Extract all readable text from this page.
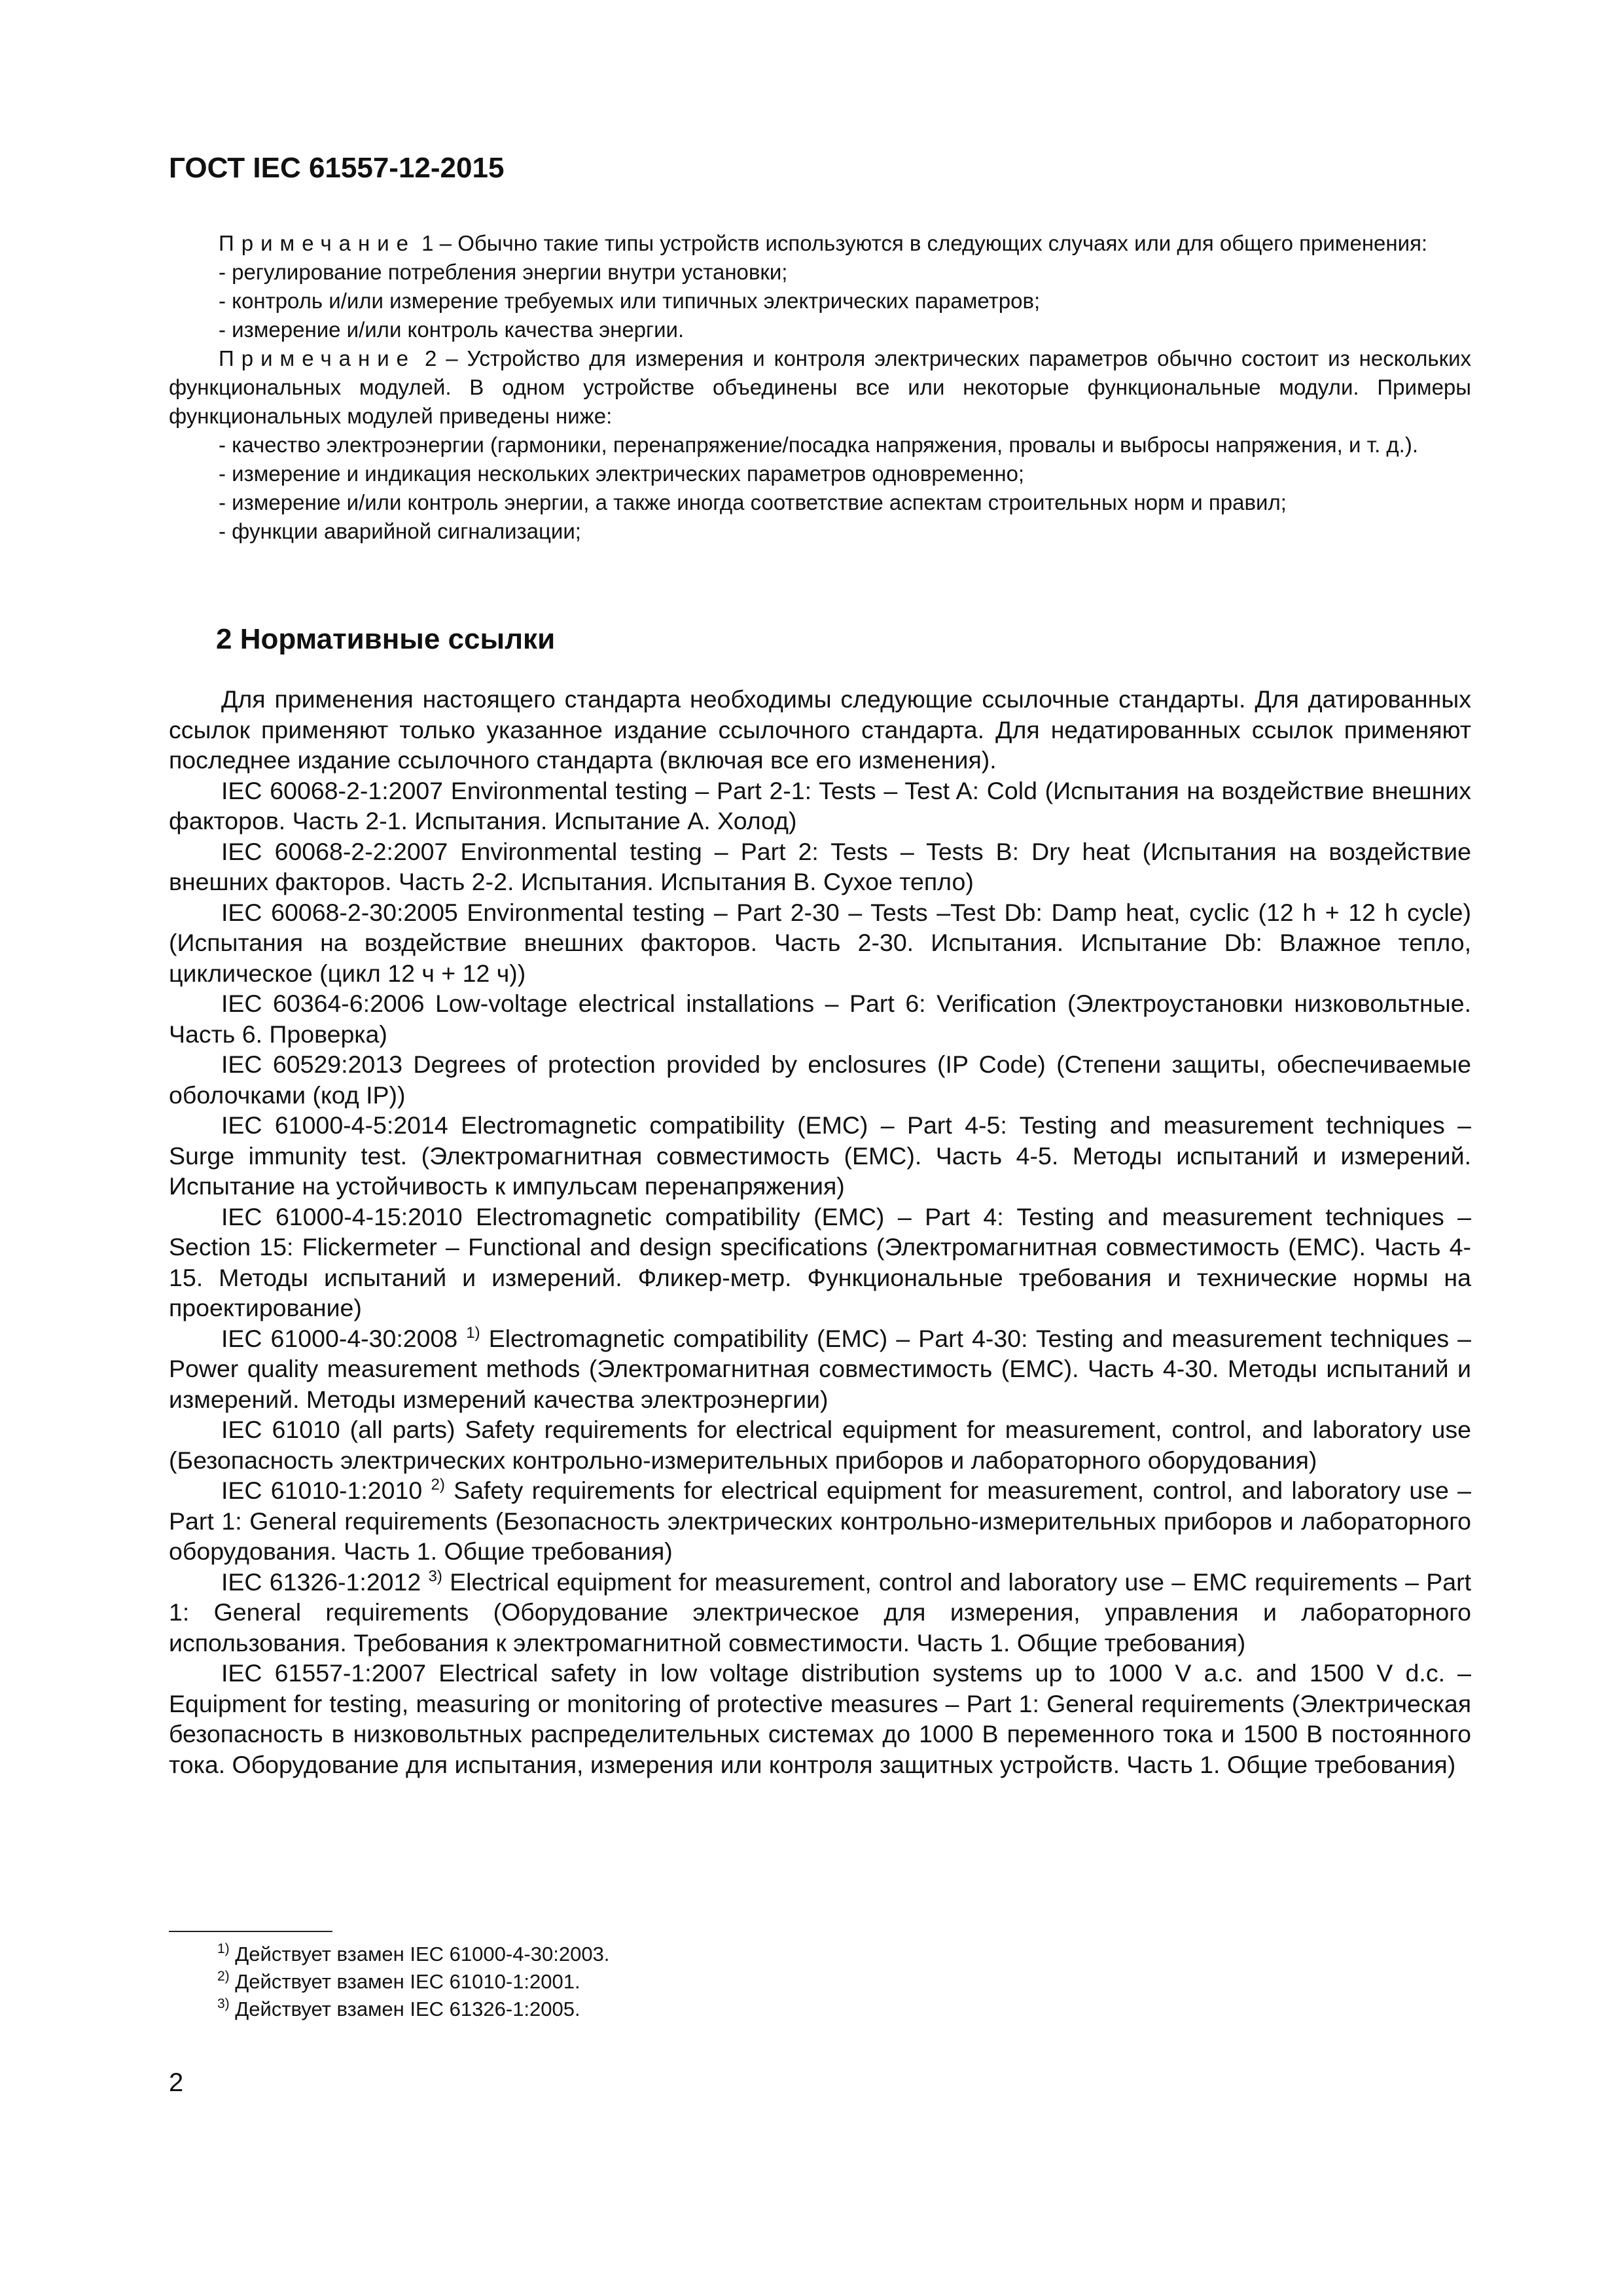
ГОСТ IEC 61557-12-2015

Примечание 1 – Обычно такие типы устройств используются в следующих случаях или для общего применения:

- регулирование потребления энергии внутри установки;

- контроль и/или измерение требуемых или типичных электрических параметров;

- измерение и/или контроль качества энергии.

Примечание 2 – Устройство для измерения и контроля электрических параметров обычно состоит из нескольких функциональных модулей. В одном устройстве объединены все или некоторые функциональные модули. Примеры функциональных модулей приведены ниже:

- качество электроэнергии (гармоники, перенапряжение/посадка напряжения, провалы и выбросы напряжения, и т. д.).

- измерение и индикация нескольких электрических параметров одновременно;

- измерение и/или контроль энергии, а также иногда соответствие аспектам строительных норм и правил;

- функции аварийной сигнализации;

2 Нормативные ссылки

Для применения настоящего стандарта необходимы следующие ссылочные стандарты. Для датированных ссылок применяют только указанное издание ссылочного стандарта. Для недатированных ссылок применяют последнее издание ссылочного стандарта (включая все его изменения).

IEC 60068-2-1:2007 Environmental testing – Part 2-1: Tests – Test A: Cold (Испытания на воздействие внешних факторов. Часть 2-1. Испытания. Испытание А. Холод)

IEC 60068-2-2:2007 Environmental testing – Part 2: Tests – Tests B: Dry heat (Испытания на воздействие внешних факторов. Часть 2-2. Испытания. Испытания В. Сухое тепло)

IEC 60068-2-30:2005 Environmental testing – Part 2-30 – Tests –Test Db: Damp heat, cyclic (12 h + 12 h cycle) (Испытания на воздействие внешних факторов. Часть 2-30. Испытания. Испытание Db: Влажное тепло, циклическое (цикл 12 ч + 12 ч))

IEC 60364-6:2006 Low-voltage electrical installations – Part 6: Verification (Электроустановки низковольтные. Часть 6. Проверка)

IEC 60529:2013 Degrees of protection provided by enclosures (IP Code) (Степени защиты, обеспечиваемые оболочками (код IP))

IEC 61000-4-5:2014 Electromagnetic compatibility (EMC) – Part 4-5: Testing and measurement techniques – Surge immunity test. (Электромагнитная совместимость (ЕМС). Часть 4-5. Методы испытаний и измерений. Испытание на устойчивость к импульсам перенапряжения)

IEC 61000-4-15:2010 Electromagnetic compatibility (EMC) – Part 4: Testing and measurement techniques – Section 15: Flickermeter – Functional and design specifications (Электромагнитная совместимость (ЕМС). Часть 4-15. Методы испытаний и измерений. Фликер-метр. Функциональные требования и технические нормы на проектирование)

IEC 61000-4-30:2008 $^{1)}$ Electromagnetic compatibility (EMC) – Part 4-30: Testing and measurement techniques – Power quality measurement methods (Электромагнитная совместимость (ЕМС). Часть 4-30. Методы испытаний и измерений. Методы измерений качества электроэнергии)

IEC 61010 (all parts) Safety requirements for electrical equipment for measurement, control, and laboratory use (Безопасность электрических контрольно-измерительных приборов и лабораторного оборудования)

IEC 61010-1:2010 $^{2)}$ Safety requirements for electrical equipment for measurement, control, and laboratory use – Part 1: General requirements (Безопасность электрических контрольно-измерительных приборов и лабораторного оборудования. Часть 1. Общие требования)

IEC 61326-1:2012 $^{3)}$ Electrical equipment for measurement, control and laboratory use – EMC requirements – Part 1: General requirements (Оборудование электрическое для измерения, управления и лабораторного использования. Требования к электромагнитной совместимости. Часть 1. Общие требования)

IEC 61557-1:2007 Electrical safety in low voltage distribution systems up to 1000 V a.c. and 1500 V d.c. – Equipment for testing, measuring or monitoring of protective measures – Part 1: General requirements (Электрическая безопасность в низковольтных распределительных системах до 1000 В переменного тока и 1500 В постоянного тока. Оборудование для испытания, измерения или контроля защитных устройств. Часть 1. Общие требования)

$^{1)}$ Действует взамен IEC 61000-4-30:2003.
$^{2)}$ Действует взамен IEC 61010-1:2001.
$^{3)}$ Действует взамен IEC 61326-1:2005.
2
